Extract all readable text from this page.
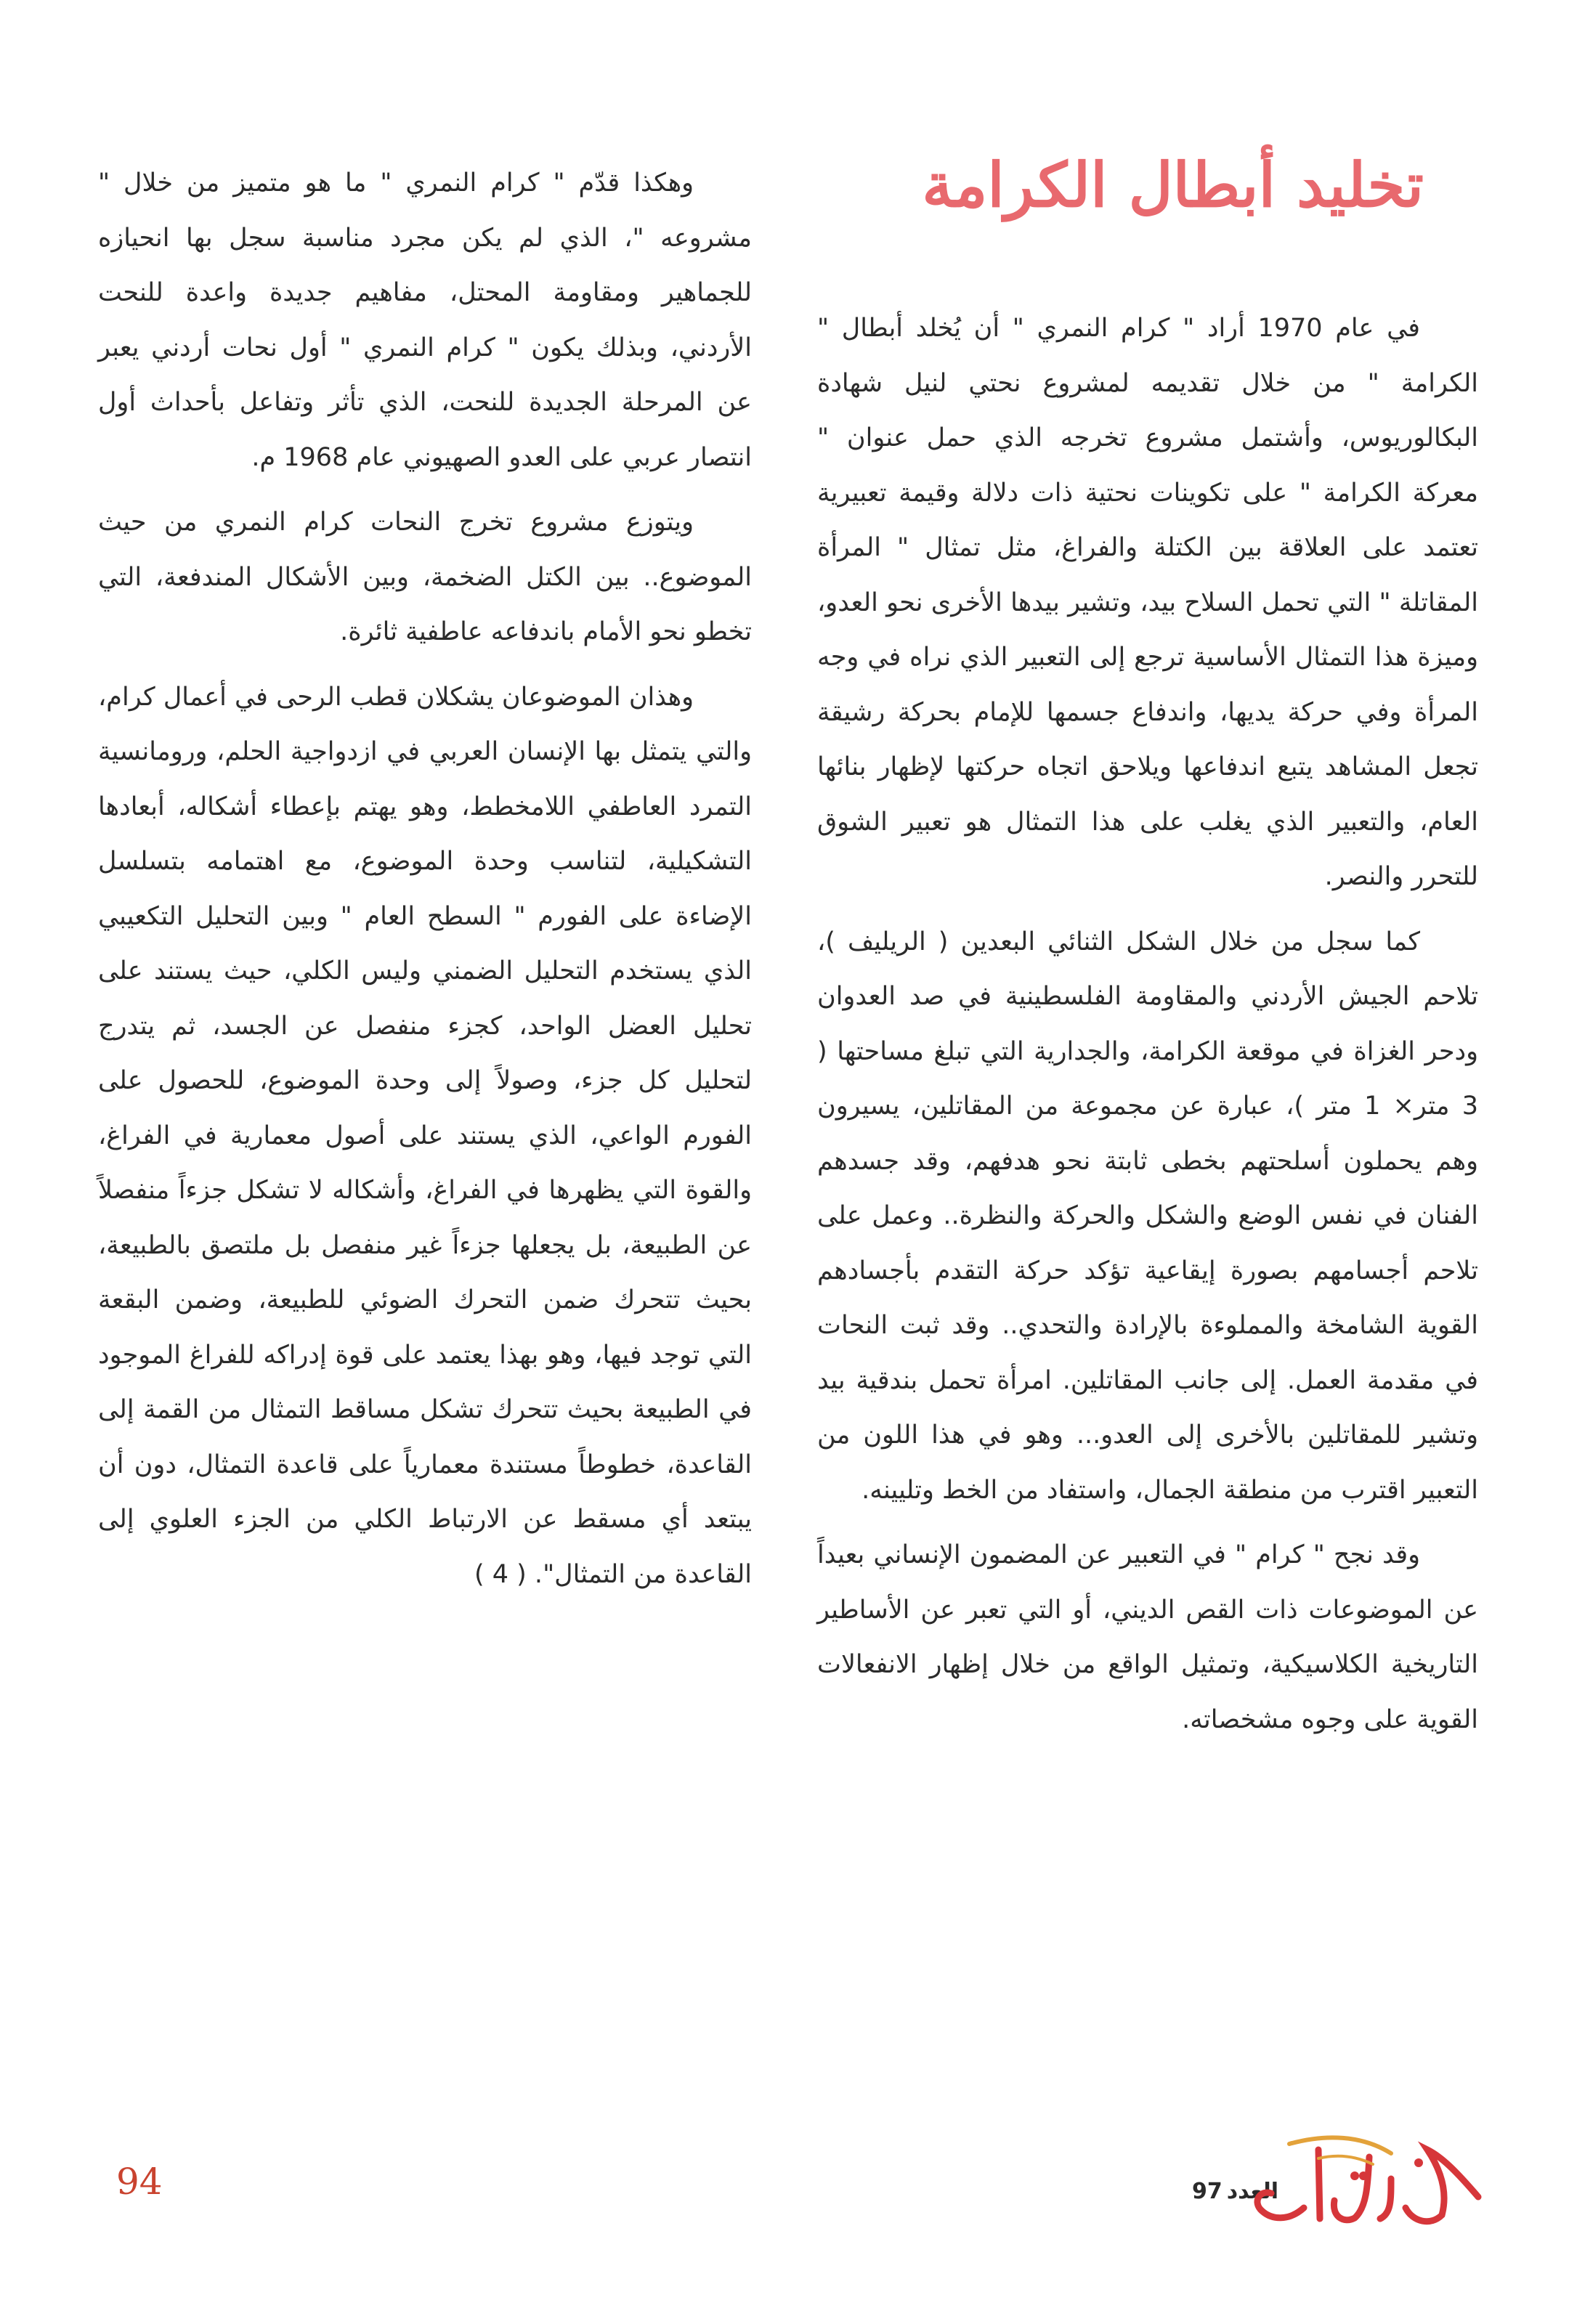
تخليد أبطال الكرامة

في عام 1970 أراد " كرام النمري " أن يُخلد أبطال " الكرامة " من خلال تقديمه لمشروع نحتي لنيل شهادة البكالوريوس، وأشتمل مشروع تخرجه الذي حمل عنوان " معركة الكرامة " على تكوينات نحتية ذات دلالة وقيمة تعبيرية تعتمد على العلاقة بين الكتلة والفراغ، مثل تمثال " المرأة المقاتلة " التي تحمل السلاح بيد، وتشير بيدها الأخرى نحو العدو، وميزة هذا التمثال الأساسية ترجع إلى التعبير الذي نراه في وجه المرأة وفي حركة يديها، واندفاع جسمها للإمام بحركة رشيقة تجعل المشاهد يتبع اندفاعها ويلاحق اتجاه حركتها لإظهار بنائها العام، والتعبير الذي يغلب على هذا التمثال هو تعبير الشوق للتحرر والنصر.

كما سجل من خلال الشكل الثنائي البعدين ( الريليف )، تلاحم الجيش الأردني والمقاومة الفلسطينية في صد العدوان ودحر الغزاة في موقعة الكرامة، والجدارية التي تبلغ مساحتها ( 3 متر× 1 متر )، عبارة عن مجموعة من المقاتلين، يسيرون وهم يحملون أسلحتهم بخطى ثابتة نحو هدفهم، وقد جسدهم الفنان في نفس الوضع والشكل والحركة والنظرة.. وعمل على تلاحم أجسامهم بصورة إيقاعية تؤكد حركة التقدم بأجسادهم القوية الشامخة والمملوءة بالإرادة والتحدي.. وقد ثبت النحات في مقدمة العمل. إلى جانب المقاتلين. امرأة تحمل بندقية بيد وتشير للمقاتلين بالأخرى إلى العدو... وهو في هذا اللون من التعبير اقترب من منطقة الجمال، واستفاد من الخط وتليينه.

وقد نجح " كرام " في التعبير عن المضمون الإنساني بعيداً عن الموضوعات ذات القص الديني، أو التي تعبر عن الأساطير التاريخية الكلاسيكية، وتمثيل الواقع من خلال إظهار الانفعالات القوية على وجوه مشخصاته.

وهكذا قدّم " كرام النمري " ما هو متميز من خلال " مشروعه "، الذي لم يكن مجرد مناسبة سجل بها انحيازه للجماهير ومقاومة المحتل، مفاهيم جديدة واعدة للنحت الأردني، وبذلك يكون " كرام النمري " أول نحات أردني يعبر عن المرحلة الجديدة للنحت، الذي تأثر وتفاعل بأحداث أول انتصار عربي على العدو الصهيوني عام 1968 م.

ويتوزع مشروع تخرج النحات كرام النمري من حيث الموضوع.. بين الكتل الضخمة، وبين الأشكال المندفعة، التي تخطو نحو الأمام باندفاعه عاطفية ثائرة.

وهذان الموضوعان يشكلان قطب الرحى في أعمال كرام، والتي يتمثل بها الإنسان العربي في ازدواجية الحلم، ورومانسية التمرد العاطفي اللامخطط، وهو يهتم بإعطاء أشكاله، أبعادها التشكيلية، لتناسب وحدة الموضوع، مع اهتمامه بتسلسل الإضاءة على الفورم " السطح العام " وبين التحليل التكعيبي الذي يستخدم التحليل الضمني وليس الكلي، حيث يستند على تحليل العضل الواحد، كجزء منفصل عن الجسد، ثم يتدرج لتحليل كل جزء، وصولاً إلى وحدة الموضوع، للحصول على الفورم الواعي، الذي يستند على أصول معمارية في الفراغ، والقوة التي يظهرها في الفراغ، وأشكاله لا تشكل جزءاً منفصلاً عن الطبيعة، بل يجعلها جزءاً غير منفصل بل ملتصق بالطبيعة، بحيث تتحرك ضمن التحرك الضوئي للطبيعة، وضمن البقعة التي توجد فيها، وهو بهذا يعتمد على قوة إدراكه للفراغ الموجود في الطبيعة بحيث تتحرك تشكل مساقط التمثال من القمة إلى القاعدة، خطوطاً مستندة معمارياً على قاعدة التمثال، دون أن يبتعد أي مسقط عن الارتباط الكلي من الجزء العلوي إلى القاعدة من التمثال". ( 4 )

94	العدد97
